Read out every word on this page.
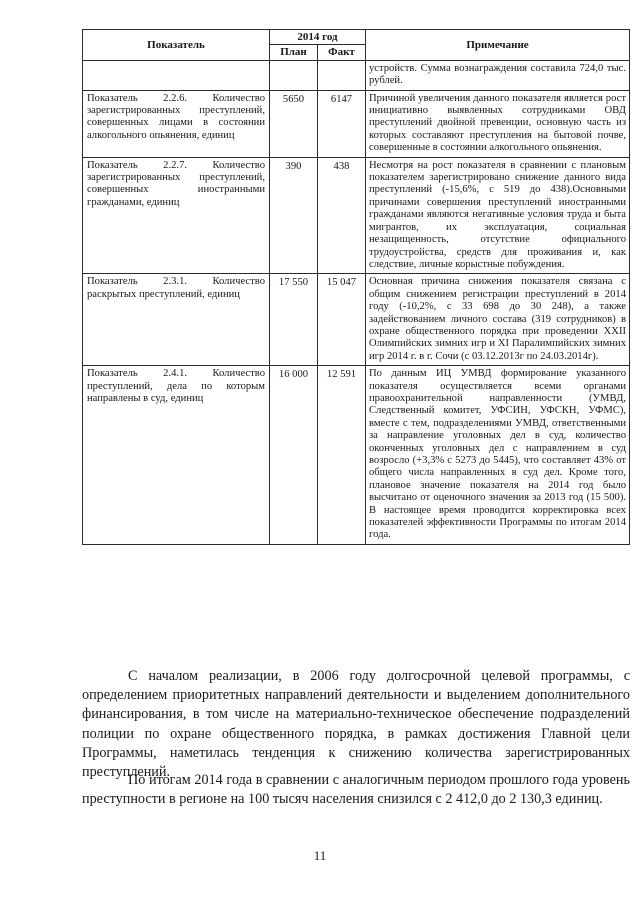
Показатель	2014 год		Примечание
	План	Факт	
			устройств. Сумма вознаграждения составила 724,0 тыс. рублей.
Показатель 2.2.6. Количество зарегистрированных преступлений, совершенных лицами в состоянии алкогольного опьянения, единиц	5650	6147	Причиной увеличения данного показателя является рост инициативно выявленных сотрудниками ОВД преступлений двойной превенции, основную часть из которых составляют преступления на бытовой почве, совершенные в состоянии алкогольного опьянения.
Показатель 2.2.7. Количество зарегистрированных преступлений, совершенных иностранными гражданами, единиц	390	438	Несмотря на рост показателя в сравнении с плановым показателем зарегистрировано снижение данного вида преступлений (-15,6%, с 519 до 438).Основными причинами совершения преступлений иностранными гражданами являются негативные условия труда и быта мигрантов, их эксплуатация, социальная незащищенность, отсутствие официального трудоустройства, средств для проживания и, как следствие, личные корыстные побуждения.
Показатель 2.3.1. Количество раскрытых преступлений, единиц	17 550	15 047	Основная причина снижения показателя связана с общим снижением регистрации преступлений в 2014 году (-10,2%, с 33 698 до 30 248), а также задействованием личного состава (319 сотрудников) в охране общественного порядка при проведении XXII Олимпийских зимних игр и XI Паралимпийских зимних игр 2014 г. в г. Сочи (с 03.12.2013г по 24.03.2014г).
Показатель 2.4.1. Количество преступлений, дела по которым направлены в суд, единиц	16 000	12 591	По данным ИЦ УМВД формирование указанного показателя осуществляется всеми органами правоохранительной направленности (УМВД, Следственный комитет, УФСИН, УФСКН, УФМС), вместе с тем, подразделениями УМВД, ответственными за направление уголовных дел в суд, количество оконченных уголовных дел с направлением в суд возросло (+3,3% с 5273 до 5445), что составляет 43% от общего числа направленных в суд дел. Кроме того, плановое значение показателя на 2014 год было высчитано от оценочного значения за 2013 год (15 500). В настоящее время проводится корректировка всех показателей эффективности Программы по итогам 2014 года.

С началом реализации, в 2006 году долгосрочной целевой программы, с определением приоритетных направлений деятельности и выделением дополнительного финансирования, в том числе на материально-техническое обеспечение подразделений полиции по охране общественного порядка, в рамках достижения Главной цели Программы, наметилась тенденция к снижению количества зарегистрированных преступлений.

По итогам 2014 года в сравнении с аналогичным периодом прошлого года уровень преступности в регионе на 100 тысяч населения снизился с 2 412,0 до 2 130,3 единиц.

11
